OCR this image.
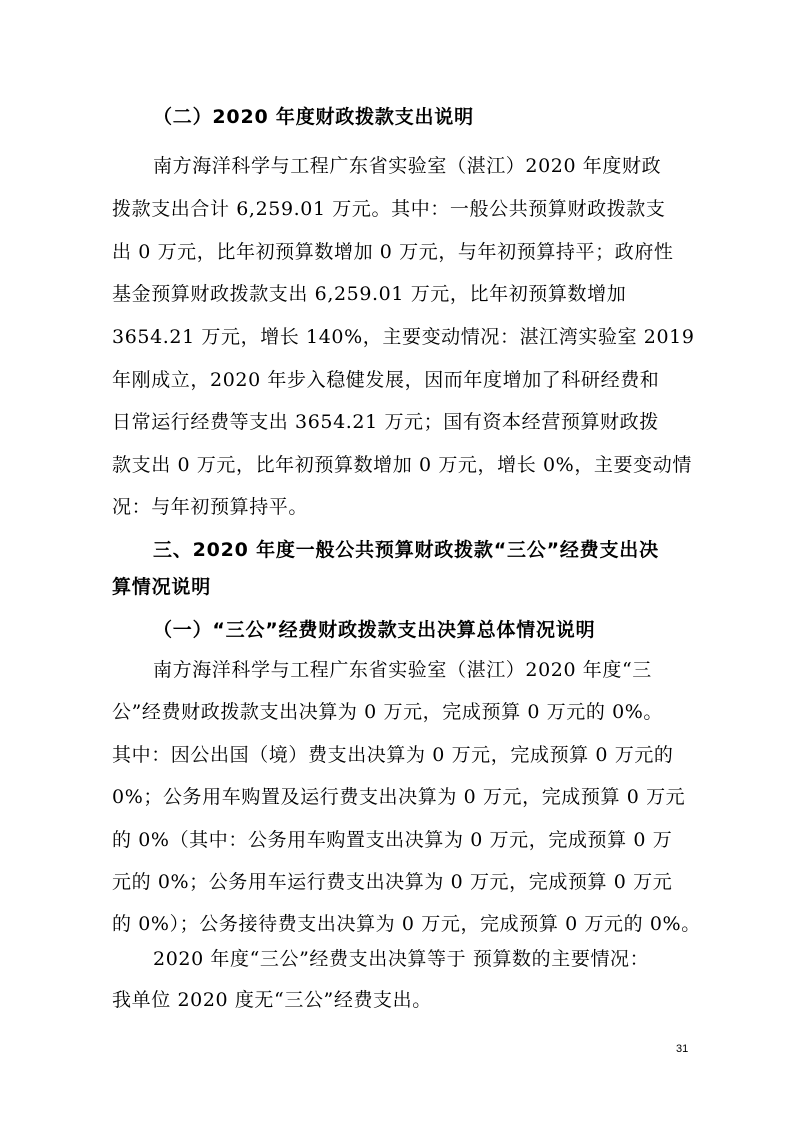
（二）2020 年度财政拨款支出说明
南方海洋科学与工程广东省实验室（湛江）2020 年度财政
拨款支出合计 6,259.01 万元。其中：一般公共预算财政拨款支
出 0 万元，比年初预算数增加 0 万元，与年初预算持平；政府性
基金预算财政拨款支出 6,259.01 万元，比年初预算数增加
3654.21 万元，增长 140%，主要变动情况：湛江湾实验室 2019
年刚成立，2020 年步入稳健发展，因而年度增加了科研经费和
日常运行经费等支出 3654.21 万元；国有资本经营预算财政拨
款支出 0 万元，比年初预算数增加 0 万元，增长 0%，主要变动情
况：与年初预算持平。
三、2020 年度一般公共预算财政拨款“三公”经费支出决
算情况说明
（一）“三公”经费财政拨款支出决算总体情况说明
南方海洋科学与工程广东省实验室（湛江）2020 年度“三
公”经费财政拨款支出决算为 0 万元，完成预算 0 万元的 0%。
其中：因公出国（境）费支出决算为 0 万元，完成预算 0 万元的
0%；公务用车购置及运行费支出决算为 0 万元，完成预算 0 万元
的 0%（其中：公务用车购置支出决算为 0 万元，完成预算 0 万
元的 0%；公务用车运行费支出决算为 0 万元，完成预算 0 万元
的 0%）；公务接待费支出决算为 0 万元，完成预算 0 万元的 0%。
2020 年度“三公”经费支出决算等于 预算数的主要情况：
我单位 2020 度无“三公”经费支出。
31
